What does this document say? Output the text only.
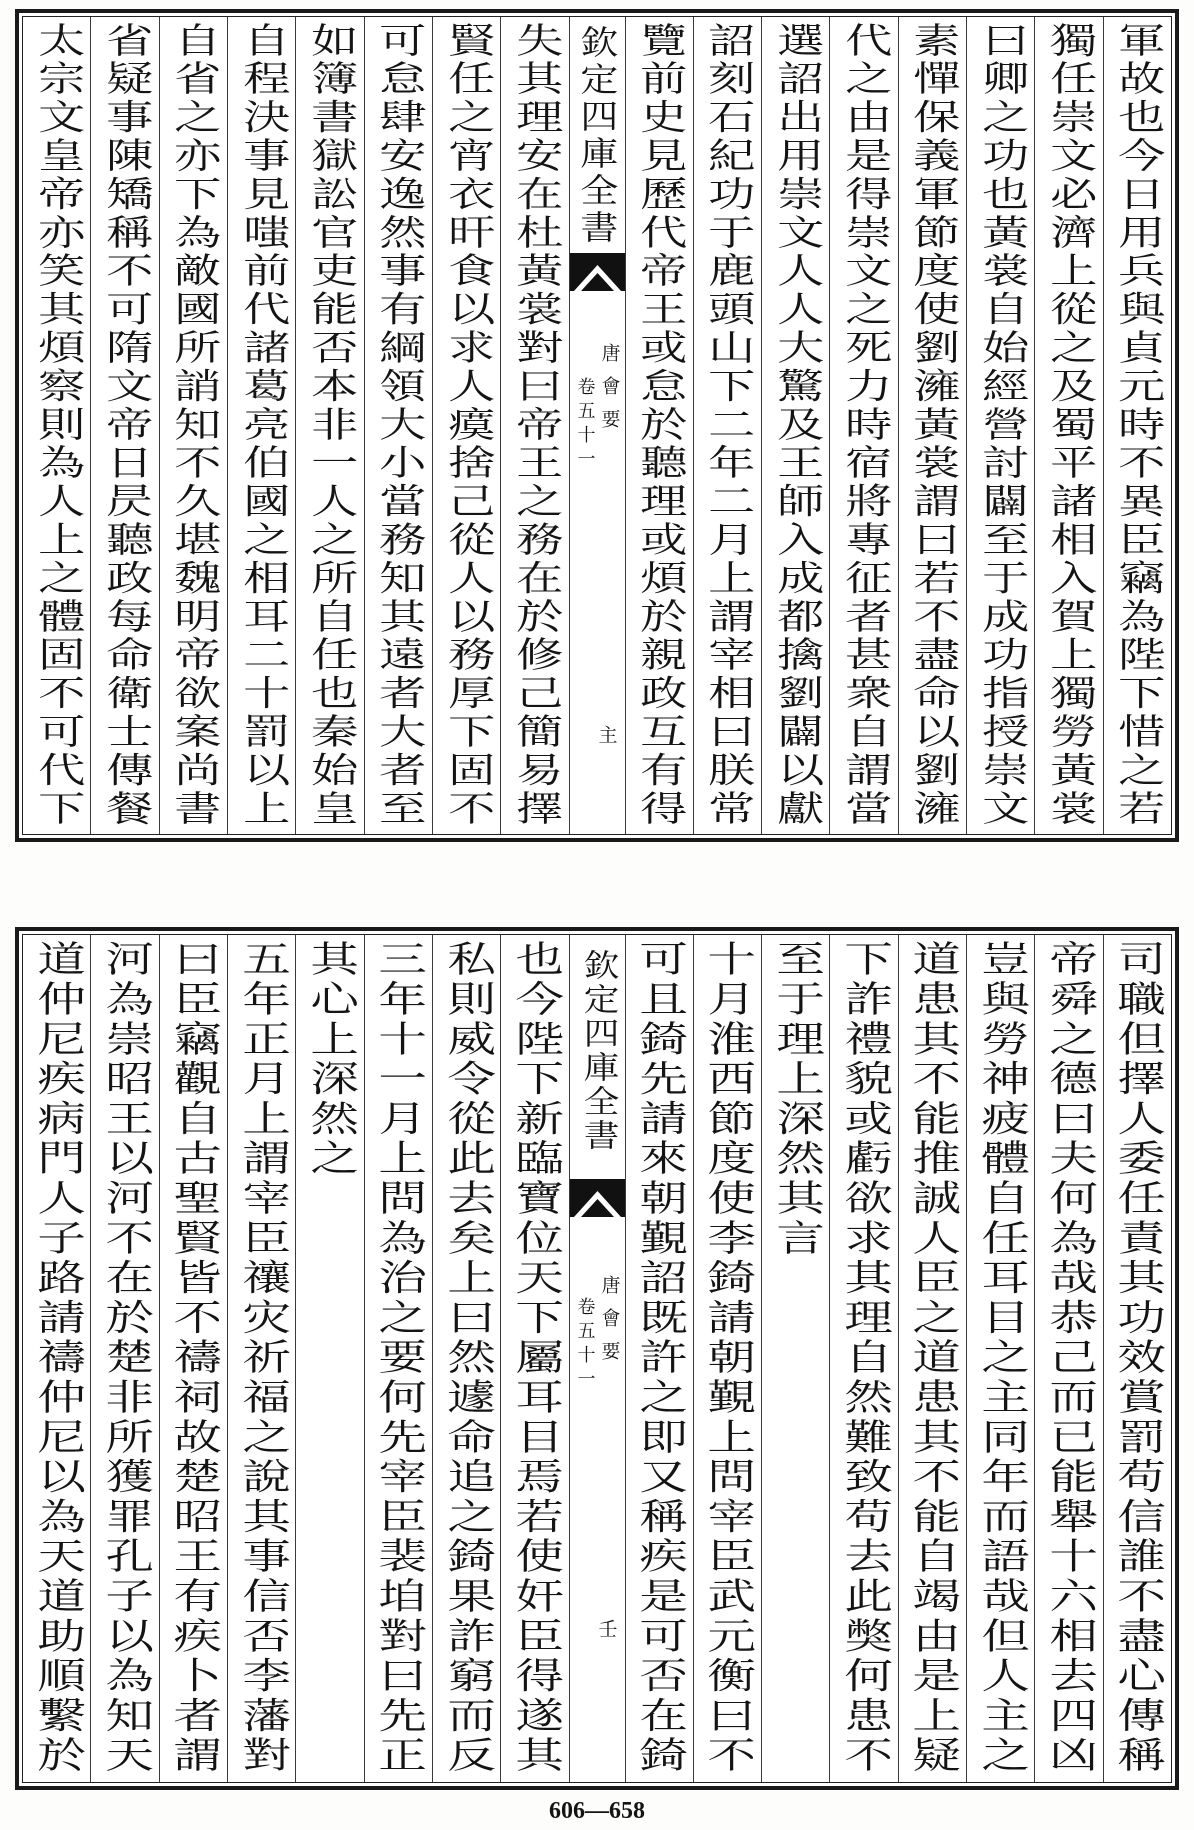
軍故也今日用兵與貞元時不異臣竊為陛下惜之若
獨任崇文必濟上從之及蜀平諸相入賀上獨勞黃裳
曰卿之功也黃裳自始經營討闢至于成功指授崇文
素憚保義軍節度使劉澭黃裳謂曰若不盡命以劉澭
代之由是得崇文之死力時宿將專征者甚衆自謂當
選詔出用崇文人人大驚及王師入成都擒劉闢以獻
詔刻石紀功于鹿頭山下二年二月上謂宰相曰朕常
覽前史見歷代帝王或怠於聽理或煩於親政互有得
欽定四庫全書
唐會要
卷五十一
主
失其理安在杜黃裳對曰帝王之務在於修己簡易擇
賢任之宵衣旰食以求人瘼捨己從人以務厚下固不
可怠肆安逸然事有綱領大小當務知其遠者大者至
如簿書獄訟官吏能否本非一人之所自任也秦始皇
自程決事見嗤前代諸葛亮伯國之相耳二十罰以上
自省之亦下為敵國所誚知不久堪魏明帝欲案尚書
省疑事陳矯稱不可隋文帝日昃聽政每命衛士傳餐
太宗文皇帝亦笑其煩察則為人上之體固不可代下
司職但擇人委任責其功效賞罰苟信誰不盡心傳稱
帝舜之德曰夫何為哉恭己而已能舉十六相去四凶
豈與勞神疲體自任耳目之主同年而語哉但人主之
道患其不能推誠人臣之道患其不能自竭由是上疑
下詐禮貌或虧欲求其理自然難致苟去此獘何患不
至于理上深然其言
十月淮西節度使李錡請朝覲上問宰臣武元衡曰不
可且錡先請來朝覲詔既許之即又稱疾是可否在錡
欽定四庫全書
唐會要
卷五十一
壬
也今陛下新臨寶位天下屬耳目焉若使奸臣得遂其
私則威令從此去矣上曰然遽命追之錡果詐窮而反
三年十一月上問為治之要何先宰臣裴垍對曰先正
其心上深然之
五年正月上謂宰臣禳灾祈福之說其事信否李藩對
曰臣竊觀自古聖賢皆不禱祠故楚昭王有疾卜者謂
河為崇昭王以河不在於楚非所獲罪孔子以為知天
道仲尼疾病門人子路請禱仲尼以為天道助順繫於
606—658
